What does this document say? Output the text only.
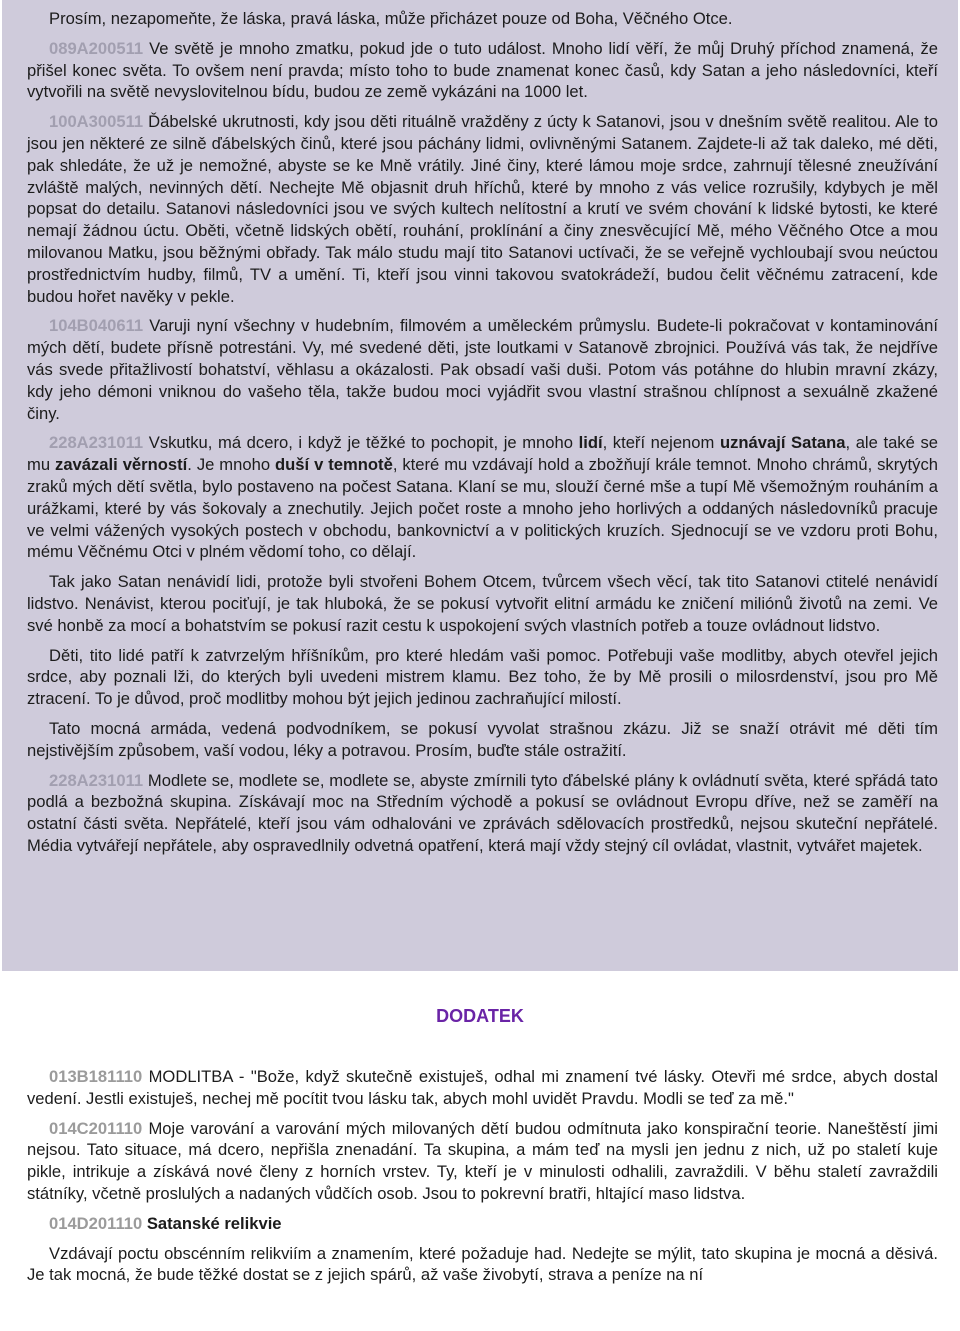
Prosím, nezapomeňte, že láska, pravá láska, může přicházet pouze od Boha, Věčného Otce.

089A200511 Ve světě je mnoho zmatku, pokud jde o tuto událost. Mnoho lidí věří, že můj Druhý příchod znamená, že přišel konec světa. To ovšem není pravda; místo toho to bude znamenat konec časů, kdy Satan a jeho následovníci, kteří vytvořili na světě nevyslovitelnou bídu, budou ze země vykázáni na 1000 let.

100A300511 Ďábelské ukrutnosti, kdy jsou děti rituálně vražděny z úcty k Satanovi, jsou v dnešním světě realitou. Ale to jsou jen některé ze silně ďábelských činů, které jsou páchány lidmi, ovlivněnými Satanem. Zajdete-li až tak daleko, mé děti, pak shledáte, že už je nemožné, abyste se ke Mně vrátily. Jiné činy, které lámou moje srdce, zahrnují tělesné zneužívání zvláště malých, nevinných dětí. Nechejte Mě objasnit druh hříchů, které by mnoho z vás velice rozrušily, kdybych je měl popsat do detailu. Satanovi následovníci jsou ve svých kultech nelítostní a krutí ve svém chování k lidské bytosti, ke které nemají žádnou úctu. Oběti, včetně lidských obětí, rouhání, proklínání a činy znesvěcující Mě, mého Věčného Otce a mou milovanou Matku, jsou běžnými obřady. Tak málo studu mají tito Satanovi uctívači, že se veřejně vychloubají svou neúctou prostřednictvím hudby, filmů, TV a umění. Ti, kteří jsou vinni takovou svatokrádeží, budou čelit věčnému zatracení, kde budou hořet navěky v pekle.

104B040611 Varuji nyní všechny v hudebním, filmovém a uměleckém průmyslu. Budete-li pokračovat v kontaminování mých dětí, budete přísně potrestáni. Vy, mé svedené děti, jste loutkami v Satanově zbrojnici. Používá vás tak, že nejdříve vás svede přitažlivostí bohatství, věhlasu a okázalosti. Pak obsadí vaši duši. Potom vás potáhne do hlubin mravní zkázy, kdy jeho démoni vniknou do vašeho těla, takže budou moci vyjádřit svou vlastní strašnou chlípnost a sexuálně zkažené činy.

228A231011 Vskutku, má dcero, i když je těžké to pochopit, je mnoho lidí, kteří nejenom uznávají Satana, ale také se mu zavázali věrností. Je mnoho duší v temnotě, které mu vzdávají hold a zbožňují krále temnot. Mnoho chrámů, skrytých zraků mých dětí světla, bylo postaveno na počest Satana. Klaní se mu, slouží černé mše a tupí Mě všemožným rouháním a urážkami, které by vás šokovaly a znechutily. Jejich počet roste a mnoho jeho horlivých a oddaných následovníků pracuje ve velmi vážených vysokých postech v obchodu, bankovnictví a v politických kruzích. Sjednocují se ve vzdoru proti Bohu, mému Věčnému Otci v plném vědomí toho, co dělají.

Tak jako Satan nenávidí lidi, protože byli stvořeni Bohem Otcem, tvůrcem všech věcí, tak tito Satanovi ctitelé nenávidí lidstvo. Nenávist, kterou pociťují, je tak hluboká, že se pokusí vytvořit elitní armádu ke zničení miliónů životů na zemi. Ve své honbě za mocí a bohatstvím se pokusí razit cestu k uspokojení svých vlastních potřeb a touze ovládnout lidstvo.

Děti, tito lidé patří k zatvrzelým hříšníkům, pro které hledám vaši pomoc. Potřebuji vaše modlitby, abych otevřel jejich srdce, aby poznali lži, do kterých byli uvedeni mistrem klamu. Bez toho, že by Mě prosili o milosrdenství, jsou pro Mě ztracení. To je důvod, proč modlitby mohou být jejich jedinou zachraňující milostí.

Tato mocná armáda, vedená podvodníkem, se pokusí vyvolat strašnou zkázu. Již se snaží otrávit mé děti tím nejstivějším způsobem, vaší vodou, léky a potravou. Prosím, buďte stále ostražití.

228A231011 Modlete se, modlete se, modlete se, abyste zmírnili tyto ďábelské plány k ovládnutí světa, které spřádá tato podlá a bezbožná skupina. Získávají moc na Středním východě a pokusí se ovládnout Evropu dříve, než se zaměří na ostatní části světa. Nepřátelé, kteří jsou vám odhalováni ve zprávách sdělovacích prostředků, nejsou skuteční nepřátelé. Média vytvářejí nepřátele, aby ospravedlnily odvetná opatření, která mají vždy stejný cíl ovládat, vlastnit, vytvářet majetek.

DODATEK

013B181110 MODLITBA - "Bože, když skutečně existuješ, odhal mi znamení tvé lásky. Otevři mé srdce, abych dostal vedení. Jestli existuješ, nechej mě pocítit tvou lásku tak, abych mohl uvidět Pravdu. Modli se teď za mě."

014C201110 Moje varování a varování mých milovaných dětí budou odmítnuta jako konspirační teorie. Naneštěstí jimi nejsou. Tato situace, má dcero, nepřišla znenadání. Ta skupina, a mám teď na mysli jen jednu z nich, už po staletí kuje pikle, intrikuje a získává nové členy z horních vrstev. Ty, kteří je v minulosti odhalili, zavraždili. V běhu staletí zavraždili státníky, včetně proslulých a nadaných vůdčích osob. Jsou to pokrevní bratři, hltající maso lidstva.

014D201110 Satanské relikvie

Vzdávají poctu obscénním relikviím a znamením, které požaduje had. Nedejte se mýlit, tato skupina je mocná a děsivá. Je tak mocná, že bude těžké dostat se z jejich spárů, až vaše živobytí, strava a peníze na ní
